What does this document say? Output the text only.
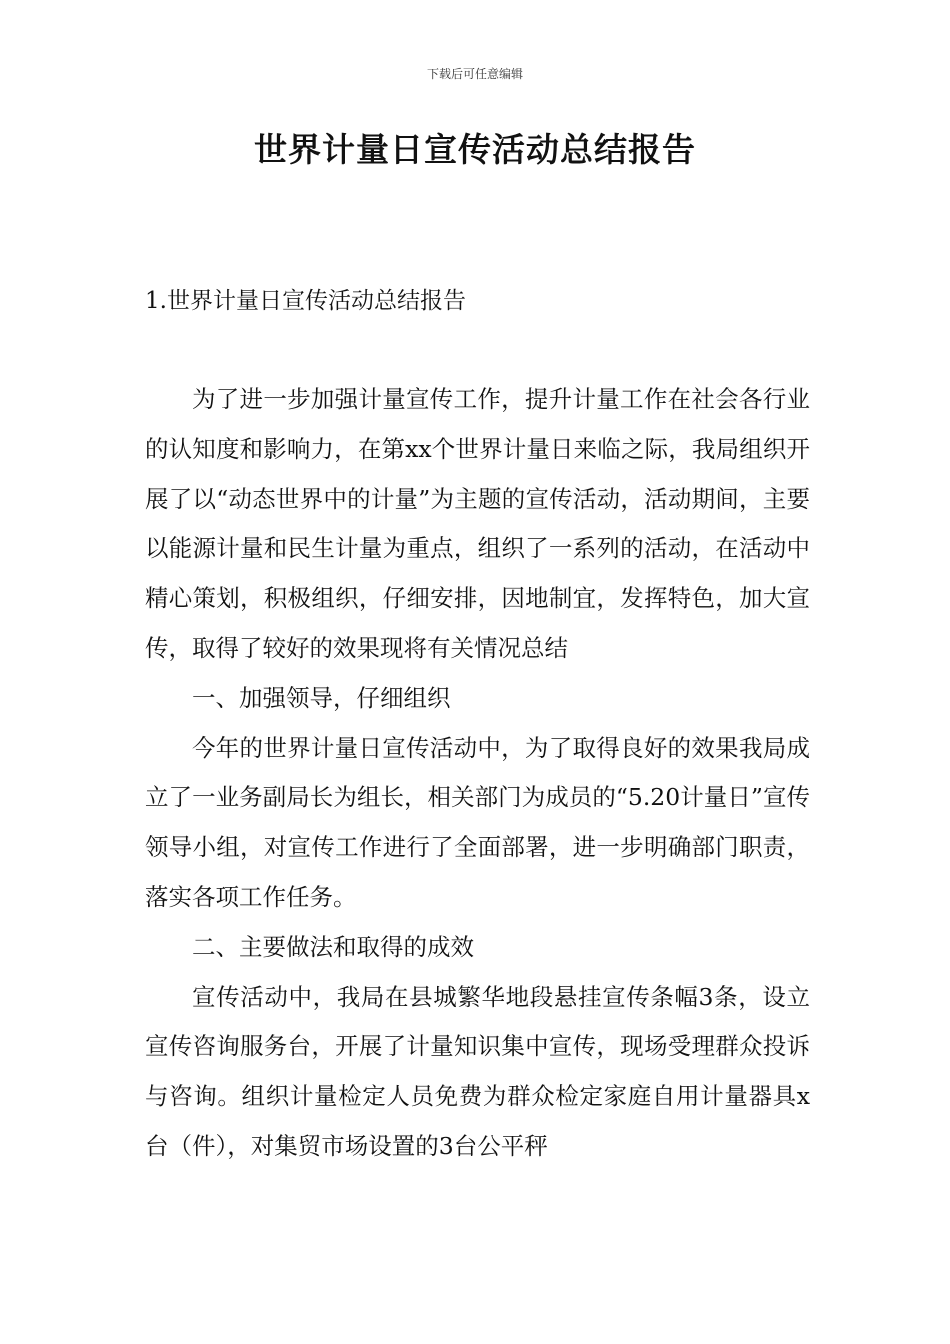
下载后可任意编辑
世界计量日宣传活动总结报告
1.世界计量日宣传活动总结报告

为了进一步加强计量宣传工作，提升计量工作在社会各行业的认知度和影响力，在第xx个世界计量日来临之际，我局组织开展了以“动态世界中的计量”为主题的宣传活动，活动期间，主要以能源计量和民生计量为重点，组织了一系列的活动，在活动中精心策划，积极组织，仔细安排，因地制宜，发挥特色，加大宣传，取得了较好的效果现将有关情况总结

一、加强领导，仔细组织

今年的世界计量日宣传活动中，为了取得良好的效果我局成立了一业务副局长为组长，相关部门为成员的“5.20计量日”宣传领导小组，对宣传工作进行了全面部署，进一步明确部门职责，落实各项工作任务。

二、主要做法和取得的成效

宣传活动中，我局在县城繁华地段悬挂宣传条幅3条，设立宣传咨询服务台，开展了计量知识集中宣传，现场受理群众投诉与咨询。组织计量检定人员免费为群众检定家庭自用计量器具x台（件），对集贸市场设置的3台公平秤
